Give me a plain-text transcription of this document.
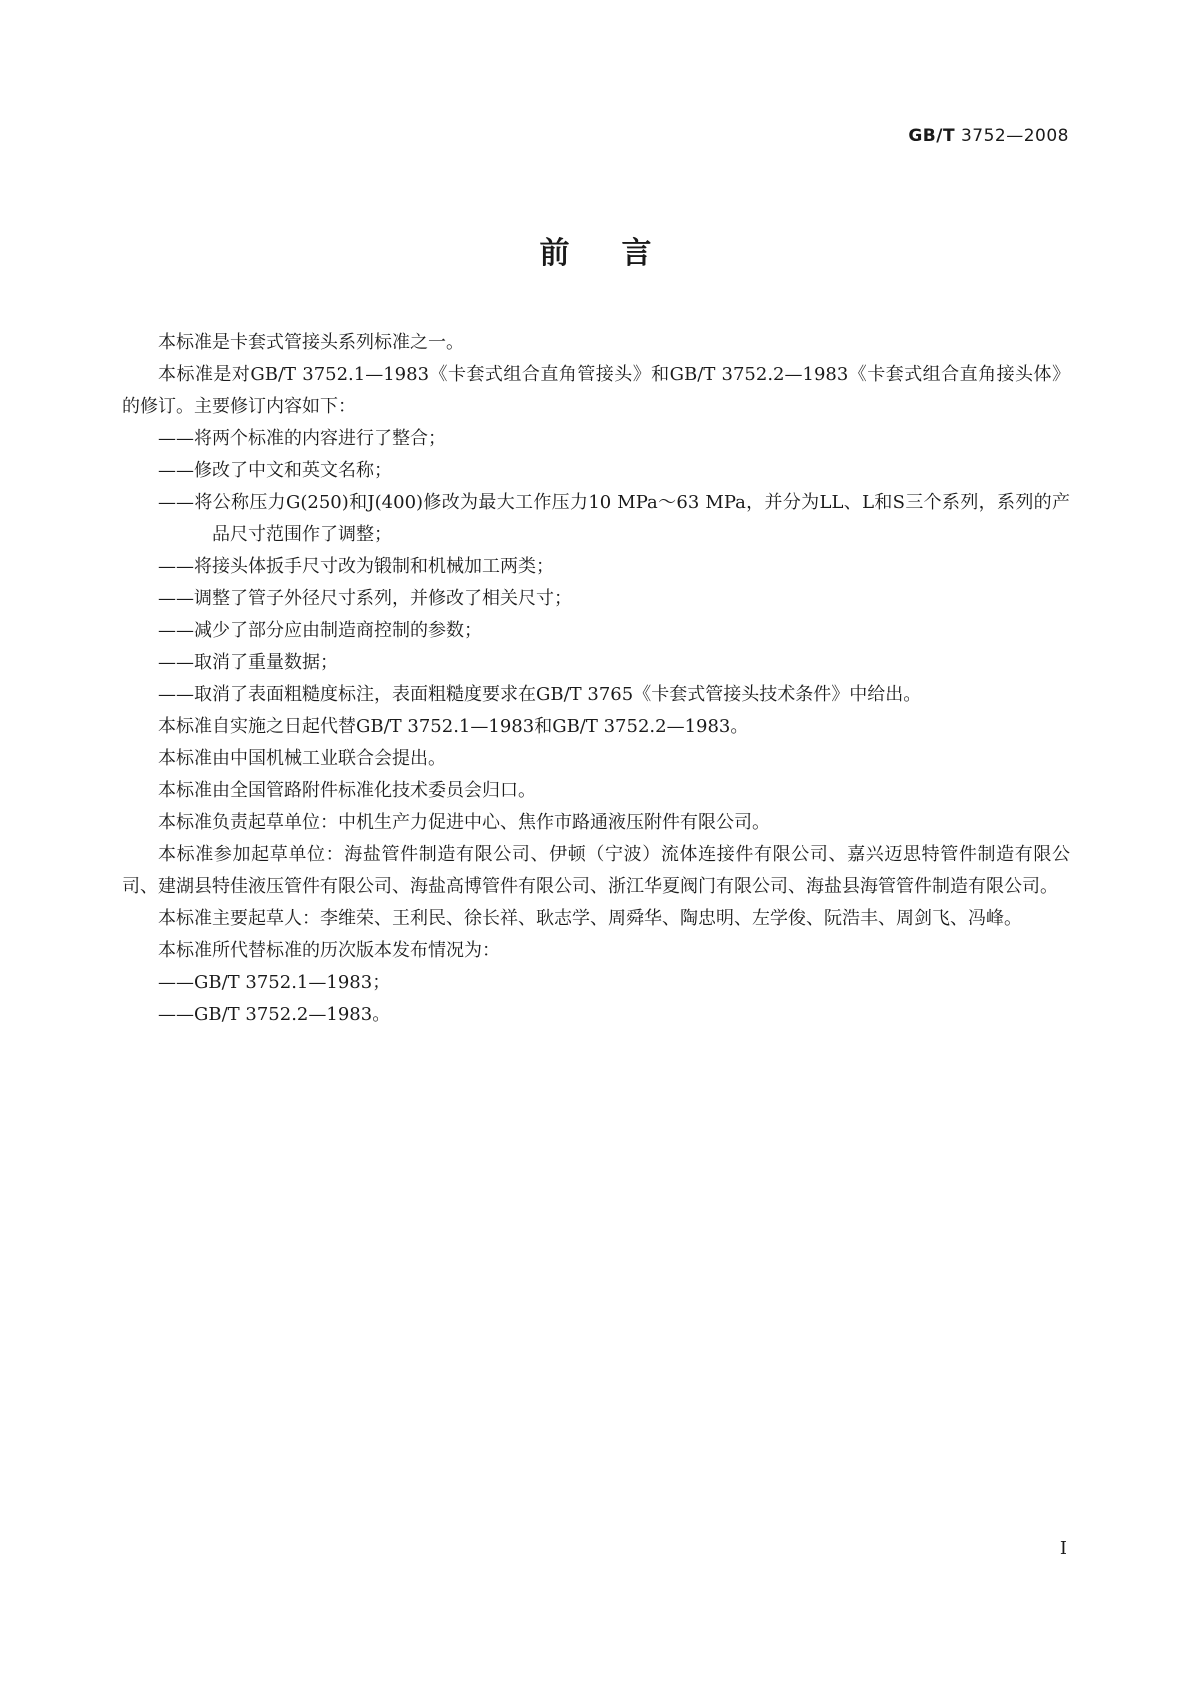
GB/T 3752—2008
前言

本标准是卡套式管接头系列标准之一。

本标准是对GB/T 3752.1—1983《卡套式组合直角管接头》和GB/T 3752.2—1983《卡套式组合直角接头体》的修订。主要修订内容如下：

——将两个标准的内容进行了整合；

——修改了中文和英文名称；

——将公称压力G(250)和J(400)修改为最大工作压力10 MPa～63 MPa，并分为LL、L和S三个系列，系列的产品尺寸范围作了调整；

——将接头体扳手尺寸改为锻制和机械加工两类；

——调整了管子外径尺寸系列，并修改了相关尺寸；

——减少了部分应由制造商控制的参数；

——取消了重量数据；

——取消了表面粗糙度标注，表面粗糙度要求在GB/T 3765《卡套式管接头技术条件》中给出。

本标准自实施之日起代替GB/T 3752.1—1983和GB/T 3752.2—1983。

本标准由中国机械工业联合会提出。

本标准由全国管路附件标准化技术委员会归口。

本标准负责起草单位：中机生产力促进中心、焦作市路通液压附件有限公司。

本标准参加起草单位：海盐管件制造有限公司、伊顿（宁波）流体连接件有限公司、嘉兴迈思特管件制造有限公司、建湖县特佳液压管件有限公司、海盐高博管件有限公司、浙江华夏阀门有限公司、海盐县海管管件制造有限公司。

本标准主要起草人：李维荣、王利民、徐长祥、耿志学、周舜华、陶忠明、左学俊、阮浩丰、周剑飞、冯峰。

本标准所代替标准的历次版本发布情况为：

——GB/T 3752.1—1983；

——GB/T 3752.2—1983。

I
